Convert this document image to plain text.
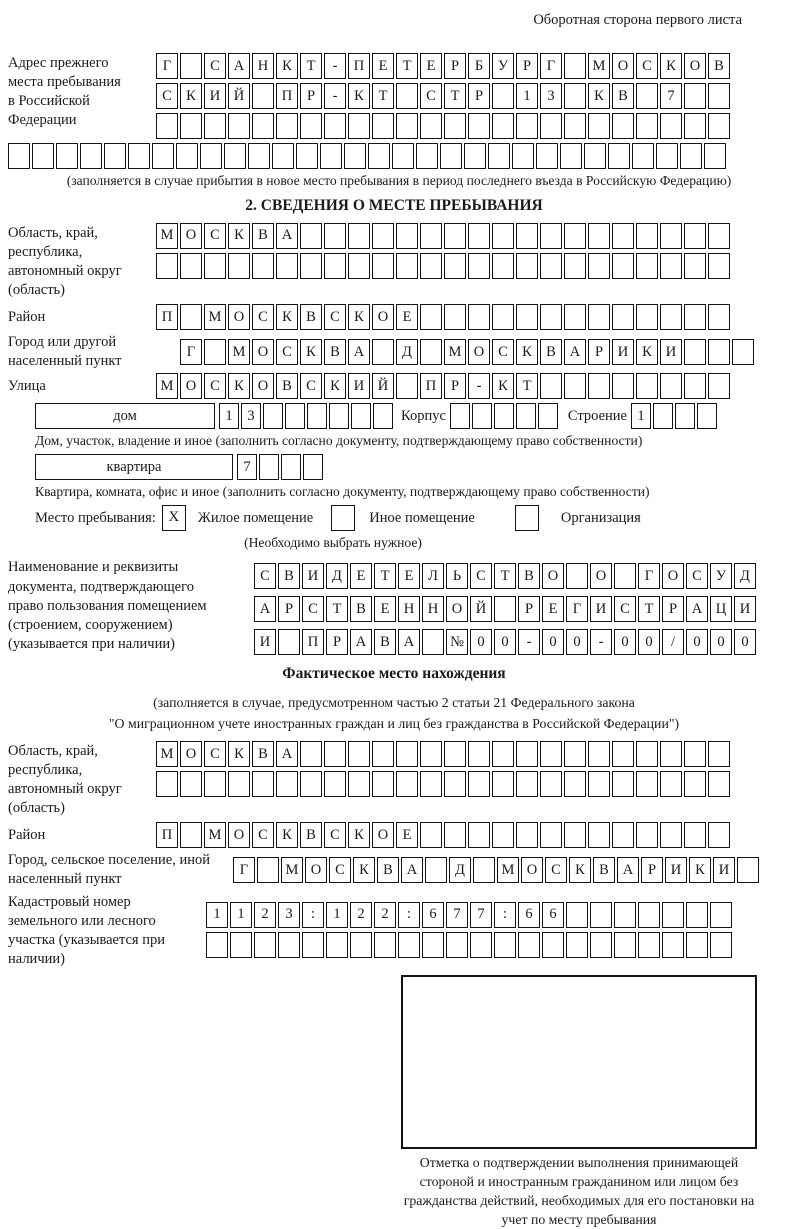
Оборотная сторона первого листа
Адрес прежнего места пребывания в Российской Федерации
Г	С А Н К	Т	-	П Е	Т	Е	Р	Б	У	Р	Г	М О С К О В
С К И Й	П	Р	-	К	Т	С	Т	Р	1	3	К В	7
(заполняется в случае прибытия в новое место пребывания в период последнего въезда в Российскую Федерацию)
2. СВЕДЕНИЯ О МЕСТЕ ПРЕБЫВАНИЯ
Область, край, республика, автономный округ (область)
М О С К В А
Район	П	М О С К В С К О Е
Город или другой населенный пункт
Г	М О С К В А	Д	М О С К В А	Р	И К И
Улица	М О С К О В С К И Й	П	Р	-	К	Т
дом	1	3	Корпус	Строение 1
Дом, участок, владение и иное (заполнить согласно документу, подтверждающему право собственности)
квартира	7
Квартира, комната, офис и иное (заполнить согласно документу, подтверждающему право собственности)
Место пребывания: X	Жилое помещение	Иное помещение	Организация
(Необходимо выбрать нужное)
Наименование и реквизиты документа, подтверждающего право пользования помещением (строением, сооружением) (указывается при наличии)
С В И Д	Е	Т	Е	Л	Ь	С	Т	В О	О	Г	О С У Д
А	Р	С	Т	В	Е Н Н О Й	Р	Е	Г	И С	Т	Р	А Ц И
И	П	Р	А В А	№ 0	0	-	0	0	-	0	0	/	0	0	0
Фактическое место нахождения
(заполняется в случае, предусмотренном частью 2 статьи 21 Федерального закона
"О миграционном учете иностранных граждан и лиц без гражданства в Российской Федерации")
Область, край, республика, автономный округ (область)
М О С К В А
Район	П	М О С К В С К О Е
Город, сельское поселение, иной населенный пункт
Г	М О С К В А	Д	М О С К В А	Р	И К И
Кадастровый номер земельного или лесного участка (указывается при наличии)
1	1	2	3	:	1	2	2	:	6	7	7	:	6	6
Отметка о подтверждении выполнения принимающей стороной и иностранным гражданином или лицом без гражданства действий, необходимых для его постановки на учет по месту пребывания
